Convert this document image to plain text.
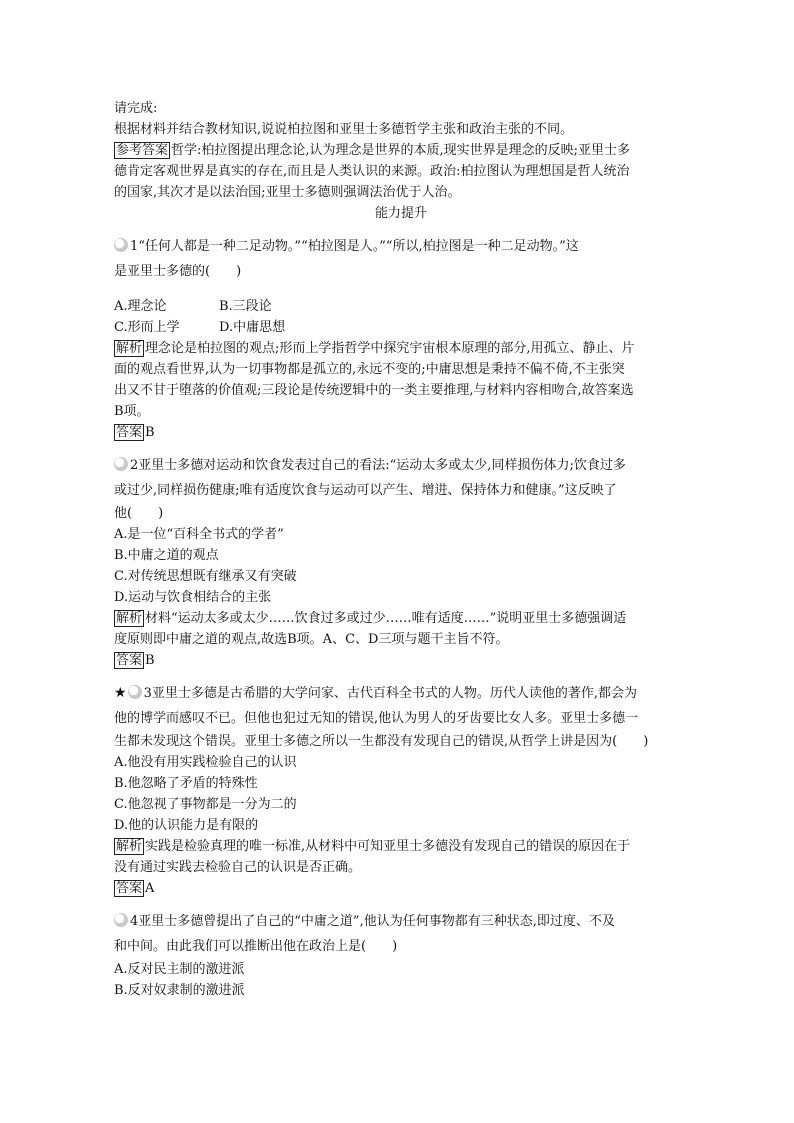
请完成:
根据材料并结合教材知识,说说柏拉图和亚里士多德哲学主张和政治主张的不同。
参考答案 哲学:柏拉图提出理念论,认为理念是世界的本质,现实世界是理念的反映;亚里士多
德肯定客观世界是真实的存在,而且是人类认识的来源。政治:柏拉图认为理想国是哲人统治
的国家,其次才是以法治国;亚里士多德则强调法治优于人治。
能力提升
1“任何人都是一种二足动物。”“柏拉图是人。”“所以,柏拉图是一种二足动物。”这
是亚里士多德的(　　)
A.理念论	B.三段论
C.形而上学	D.中庸思想
解析 理念论是柏拉图的观点;形而上学指哲学中探究宇宙根本原理的部分,用孤立、静止、片
面的观点看世界,认为一切事物都是孤立的,永远不变的;中庸思想是秉持不偏不倚,不主张突
出又不甘于堕落的价值观;三段论是传统逻辑中的一类主要推理,与材料内容相吻合,故答案选
B项。
答案 B
2亚里士多德对运动和饮食发表过自己的看法:“运动太多或太少,同样损伤体力;饮食过多
或过少,同样损伤健康;唯有适度饮食与运动可以产生、增进、保持体力和健康。”这反映了
他(　　)
A.是一位“百科全书式的学者”
B.中庸之道的观点
C.对传统思想既有继承又有突破
D.运动与饮食相结合的主张
解析 材料“运动太多或太少……饮食过多或过少……唯有适度……”说明亚里士多德强调适
度原则即中庸之道的观点,故选B项。A、C、D三项与题干主旨不符。
答案 B
★ 3亚里士多德是古希腊的大学问家、古代百科全书式的人物。历代人读他的著作,都会为
他的博学而感叹不已。但他也犯过无知的错误,他认为男人的牙齿要比女人多。亚里士多德一
生都未发现这个错误。亚里士多德之所以一生都没有发现自己的错误,从哲学上讲是因为(　　)
A.他没有用实践检验自己的认识
B.他忽略了矛盾的特殊性
C.他忽视了事物都是一分为二的
D.他的认识能力是有限的
解析 实践是检验真理的唯一标准,从材料中可知亚里士多德没有发现自己的错误的原因在于
没有通过实践去检验自己的认识是否正确。
答案 A
4亚里士多德曾提出了自己的“中庸之道”,他认为任何事物都有三种状态,即过度、不及
和中间。由此我们可以推断出他在政治上是(　　)
A.反对民主制的激进派
B.反对奴隶制的激进派
